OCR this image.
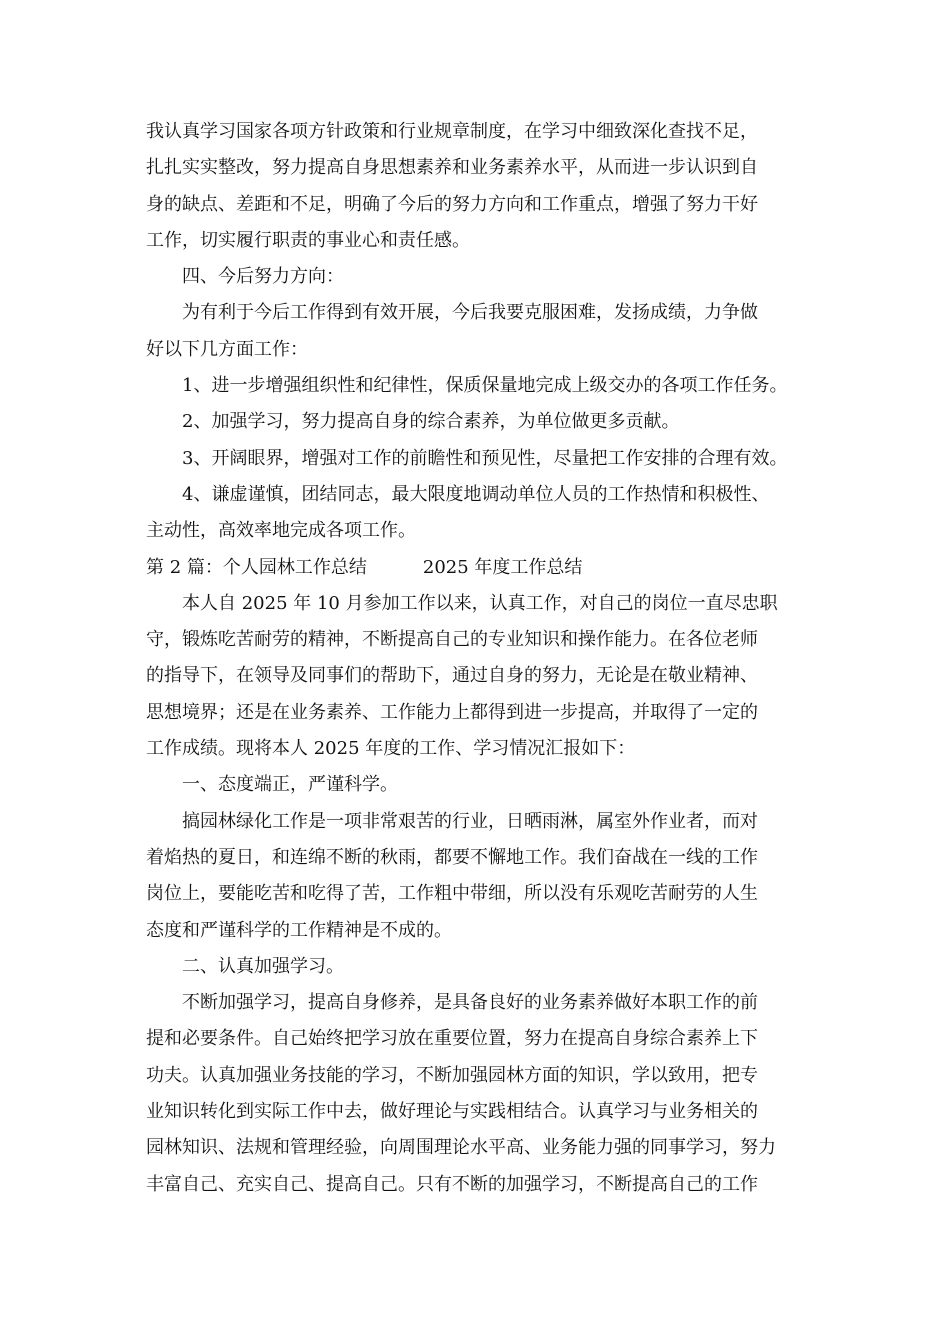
我认真学习国家各项方针政策和行业规章制度，在学习中细致深化查找不足，
扎扎实实整改，努力提高自身思想素养和业务素养水平，从而进一步认识到自
身的缺点、差距和不足，明确了今后的努力方向和工作重点，增强了努力干好
工作，切实履行职责的事业心和责任感。
四、今后努力方向：
为有利于今后工作得到有效开展，今后我要克服困难，发扬成绩，力争做
好以下几方面工作：
1、进一步增强组织性和纪律性，保质保量地完成上级交办的各项工作任务。
2、加强学习，努力提高自身的综合素养，为单位做更多贡献。
3、开阔眼界，增强对工作的前瞻性和预见性，尽量把工作安排的合理有效。
4、谦虚谨慎，团结同志，最大限度地调动单位人员的工作热情和积极性、
主动性，高效率地完成各项工作。
第 2 篇：个人园林工作总结	2025 年度工作总结
本人自 2025 年 10 月参加工作以来，认真工作，对自己的岗位一直尽忠职
守，锻炼吃苦耐劳的精神，不断提高自己的专业知识和操作能力。在各位老师
的指导下，在领导及同事们的帮助下，通过自身的努力，无论是在敬业精神、
思想境界；还是在业务素养、工作能力上都得到进一步提高，并取得了一定的
工作成绩。现将本人 2025 年度的工作、学习情况汇报如下：
一、态度端正，严谨科学。
搞园林绿化工作是一项非常艰苦的行业，日晒雨淋，属室外作业者，而对
着焰热的夏日，和连绵不断的秋雨，都要不懈地工作。我们奋战在一线的工作
岗位上，要能吃苦和吃得了苦，工作粗中带细，所以没有乐观吃苦耐劳的人生
态度和严谨科学的工作精神是不成的。
二、认真加强学习。
不断加强学习，提高自身修养，是具备良好的业务素养做好本职工作的前
提和必要条件。自己始终把学习放在重要位置，努力在提高自身综合素养上下
功夫。认真加强业务技能的学习，不断加强园林方面的知识，学以致用，把专
业知识转化到实际工作中去，做好理论与实践相结合。认真学习与业务相关的
园林知识、法规和管理经验，向周围理论水平高、业务能力强的同事学习，努力
丰富自己、充实自己、提高自己。只有不断的加强学习，不断提高自己的工作
